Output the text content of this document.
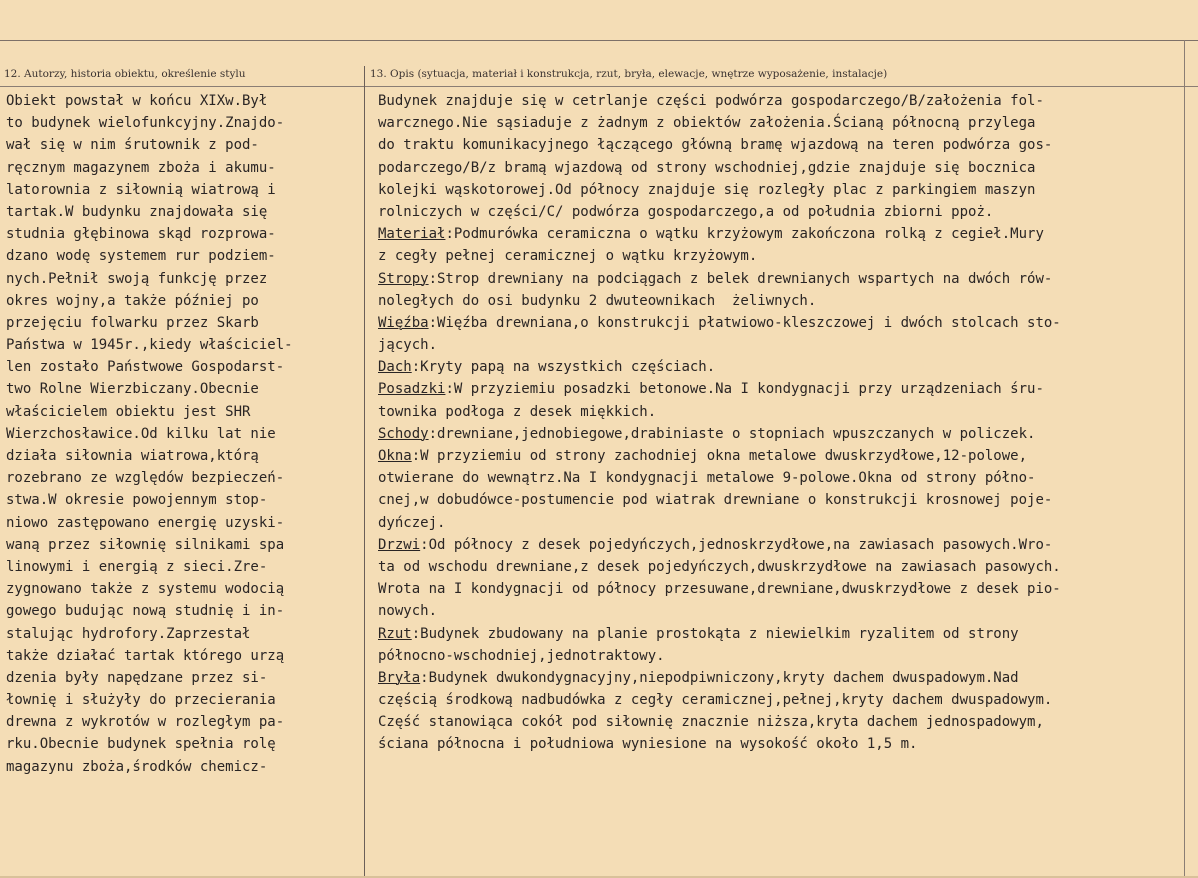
12. Autorzy, historia obiektu, określenie stylu	13. Opis (sytuacja, materiał i konstrukcja, rzut, bryła, elewacje, wnętrze wyposażenie, instalacje)
Obiekt powstał w końcu XIXw.Był
to budynek wielofunkcyjny.Znajdo-
wał się w nim śrutownik z pod-
ręcznym magazynem zboża i akumu-
latorownia z siłownią wiatrową i
tartak.W budynku znajdowała się
studnia głębinowa skąd rozprowa-
dzano wodę systemem rur podziem-
nych.Pełnił swoją funkcję przez
okres wojny,a także później po
przejęciu folwarku przez Skarb
Państwa w 1945r.,kiedy właściciel-
len zostało Państwowe Gospodarst-
two Rolne Wierzbiczany.Obecnie
właścicielem obiektu jest SHR
Wierzchosławice.Od kilku lat nie
działa siłownia wiatrowa,którą
rozebrano ze względów bezpieczeń-
stwa.W okresie powojennym stop-
niowo zastępowano energię uzyski-
waną przez siłownię silnikami spa
linowymi i energią z sieci.Zre-
zygnowano także z systemu wodocią
gowego budując nową studnię i in-
stalując hydrofory.Zaprzestał
także działać tartak którego urzą
dzenia były napędzane przez si-
łownię i służyły do przecierania
drewna z wykrotów w rozległym pa-
rku.Obecnie budynek spełnia rolę
magazynu zboża,środków chemicz-
Budynek znajduje się w cetrlanje części podwórza gospodarczego/B/założenia fol-
warcznego.Nie sąsiaduje z żadnym z obiektów założenia.Ścianą północną przylega
do traktu komunikacyjnego łączącego główną bramę wjazdową na teren podwórza gos-
podarczego/B/z bramą wjazdową od strony wschodniej,gdzie znajduje się bocznica
kolejki wąskotorowej.Od północy znajduje się rozległy plac z parkingiem maszyn
rolniczych w części/C/ podwórza gospodarczego,a od południa zbiorni ppoż.
Materiał:Podmurówka ceramiczna o wątku krzyżowym zakończona rolką z cegieł.Mury
z cegły pełnej ceramicznej o wątku krzyżowym.
Stropy:Strop drewniany na podciągach z belek drewnianych wspartych na dwóch rów-
noległych do osi budynku 2 dwuteownikach  żeliwnych.
Więźba:Więźba drewniana,o konstrukcji płatwiowo-kleszczowej i dwóch stolcach sto-
jących.
Dach:Kryty papą na wszystkich częściach.
Posadzki:W przyziemiu posadzki betonowe.Na I kondygnacji przy urządzeniach śru-
townika podłoga z desek miękkich.
Schody:drewniane,jednobiegowe,drabiniaste o stopniach wpuszczanych w policzek.
Okna:W przyziemiu od strony zachodniej okna metalowe dwuskrzydłowe,12-polowe,
otwierane do wewnątrz.Na I kondygnacji metalowe 9-polowe.Okna od strony półno-
cnej,w dobudówce-postumencie pod wiatrak drewniane o konstrukcji krosnowej poje-
dyńczej.
Drzwi:Od północy z desek pojedyńczych,jednoskrzydłowe,na zawiasach pasowych.Wro-
ta od wschodu drewniane,z desek pojedyńczych,dwuskrzydłowe na zawiasach pasowych.
Wrota na I kondygnacji od północy przesuwane,drewniane,dwuskrzydłowe z desek pio-
nowych.
Rzut:Budynek zbudowany na planie prostokąta z niewielkim ryzalitem od strony
północno-wschodniej,jednotraktowy.
Bryła:Budynek dwukondygnacyjny,niepodpiwniczony,kryty dachem dwuspadowym.Nad
częścią środkową nadbudówka z cegły ceramicznej,pełnej,kryty dachem dwuspadowym.
Część stanowiąca cokół pod siłownię znacznie niższa,kryta dachem jednospadowym,
ściana północna i południowa wyniesione na wysokość około 1,5 m.
